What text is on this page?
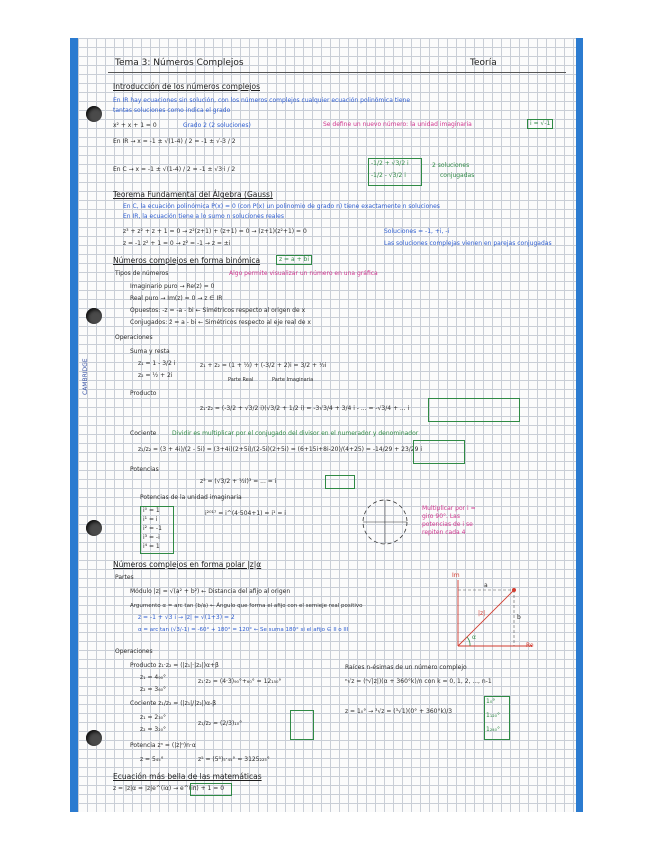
CAMBRIDGE
Tema 3: Números Complejos	Teoría
Introducción de los números complejos
En IR hay ecuaciones sin solución, con los números complejos cualquier ecuación polinómica tiene
tantas soluciones como indica el grado
x² + x + 1 = 0	Grado 2 (2 soluciones)	Se define un nuevo número: la unidad imaginaria	i = √-1
En IR → x = -1 ± √(1-4) / 2 = -1 ± √-3 / 2
En C → x = -1 ± √(1-4) / 2 = -1 ± √3·i / 2
-1/2 + √3/2 i
-1/2 - √3/2 i
2 soluciones
conjugadas
Teorema Fundamental del Álgebra (Gauss)
En C, la ecuación polinómica P(x) = 0 (con P(x) un polinomio de grado n) tiene exactamente n soluciones
En IR, la ecuación tiene a lo sumo n soluciones reales
z³ + z² + z + 1 = 0 → z²(z+1) + (z+1) = 0 → (z+1)(z²+1) = 0
z = -1 z² + 1 = 0 → z² = -1 → z = ±i
Soluciones = -1, +i, -i
Las soluciones complejas vienen en parejas conjugadas
Números complejos en forma binómica	z = a + bi
Tipos de números	Algo permite visualizar un número en una gráfica
Imaginario puro → Re(z) = 0
Real puro → Im(z) = 0 → z ∈ IR
Opuestos: -z = -a - bi ← Simétricos respecto al origen de x
Conjugados: z̄ = a - bi ← Simétricos respecto al eje real de x
Operaciones
Suma y resta
z₁ = 1 - 3/2 i
z₂ = ½ + 2i
z₁ + z₂ = (1 + ½) + (-3/2 + 2)i = 3/2 + ½i
Parte Real	Parte Imaginaria
Producto
z₁·z₂ = (-3/2 + √3/2 i)(√3/2 + 1/2 i) = -3√3/4 + 3/4 i - ... = -√3/4 + ... i
Cociente	Dividir es multiplicar por el conjugado del divisor en el numerador y denominador
z₁/z₂ = (3 + 4i)/(2 - 5i) = (3+4i)(2+5i)/(2-5i)(2+5i) = (6+15i+8i-20)/(4+25) = -14/29 + 23/29 i
Potencias
z³ = (√3/2 + ½i)³ = ... = i
Potencias de la unidad imaginaria
i⁰ = 1
i¹ = i
i² = -1
i³ = -i
i⁴ = 1
i²⁰¹⁷ = i^(4·504+1) = i¹ = i
Multiplicar por i = giro 90°. Las potencias de i se repiten cada 4
Números complejos en forma polar |z|α
Partes
Módulo |z| = √(a² + b²) ← Distancia del afijo al origen
Argumento α = arc tan (b/a) ← Ángulo que forma el afijo con el semieje real positivo
z = -1 + √3 i → |z| = √(1+3) = 2
α = arc tan (√3/-1) = -60° + 180° = 120° ← Se suma 180° si el afijo ∈ II o III
Im
Re
|z|
a
b
α
Operaciones
Producto z₁·z₂ = (|z₁|·|z₂|)α+β
z₁ = 4₉₀°
z₂ = 3₆₀°
z₁·z₂ = (4·3)₉₀°+₆₀° = 12₁₅₀°
Cociente z₁/z₂ = (|z₁|/|z₂|)α-β
z₁ = 2₃₀°
z₂ = 3₂₀°
z₁/z₂ = (2/3)₁₀°
Potencia zⁿ = (|z|ⁿ)n·α
z = 5₄₅°	z⁵ = (5⁵)₅·₄₅° = 3125₂₂₅°
Raíces n-ésimas de un número complejo
ⁿ√z = (ⁿ√|z|)(α + 360°k)/n con k = 0, 1, 2, ..., n-1
z = 1₀° → ³√z = (³√1)(0° + 360°k)/3
1₀°
1₁₂₀°
1₂₄₀°
Ecuación más bella de las matemáticas
z = |z|α = |z|e^(iα) → e^(iπ) + 1 = 0
